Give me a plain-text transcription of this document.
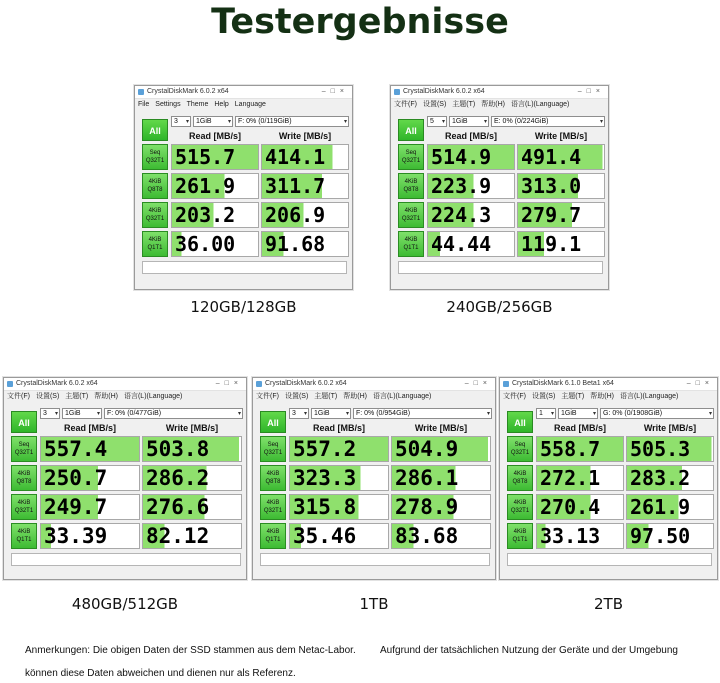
Testergebnisse
CrystalDiskMark 6.0.2 x64	–□×
File Settings Theme Help Language
All
3 ▾	1GiB	▾	F: 0% (0/119GiB)	▾
Read [MB/s]	Write [MB/s]
Seq
Q32T1 515.7	414.1
4KiB
Q8T8 261.9	311.7
4KiB
Q32T1 203.2	206.9
4KiB
Q1T1 36.00	91.68
CrystalDiskMark 6.0.2 x64	–□×
文件(F) 设置(S) 主题(T) 帮助(H) 语言(L)(Language)
All
5 ▾	1GiB	▾	E: 0% (0/224GiB)	▾
Read [MB/s]	Write [MB/s]
Seq
Q32T1 514.9	491.4
4KiB
Q8T8 223.9	313.0
4KiB
Q32T1 224.3	279.7
4KiB
Q1T1 44.44	119.1
CrystalDiskMark 6.0.2 x64	–□×
文件(F) 设置(S) 主题(T) 帮助(H) 语言(L)(Language)
All
3 ▾	1GiB	▾	F: 0% (0/477GiB)	▾
Read [MB/s]	Write [MB/s]
Seq
Q32T1 557.4	503.8
4KiB
Q8T8 250.7	286.2
4KiB
Q32T1 249.7	276.6
4KiB
Q1T1 33.39	82.12
CrystalDiskMark 6.0.2 x64	–□×
文件(F) 设置(S) 主题(T) 帮助(H) 语言(L)(Language)
All
3 ▾	1GiB	▾	F: 0% (0/954GiB)	▾
Read [MB/s]	Write [MB/s]
Seq
Q32T1 557.2	504.9
4KiB
Q8T8 323.3	286.1
4KiB
Q32T1 315.8	278.9
4KiB
Q1T1 35.46	83.68
CrystalDiskMark 6.1.0 Beta1 x64	–□×
文件(F) 设置(S) 主题(T) 帮助(H) 语言(L)(Language)
All
1 ▾	1GiB	▾	G: 0% (0/1908GiB)	▾
Read [MB/s]	Write [MB/s]
Seq
Q32T1 558.7	505.3
4KiB
Q8T8 272.1	283.2
4KiB
Q32T1 270.4	261.9
4KiB
Q1T1 33.13	97.50
Anmerkungen: Die obigen Daten der SSD stammen aus dem Netac-Labor. Aufgrund der tatsächlichen Nutzung der Geräte und der Umgebung
können diese Daten abweichen und dienen nur als Referenz.
120GB/128GB	240GB/256GB
480GB/512GB	1TB	2TB
